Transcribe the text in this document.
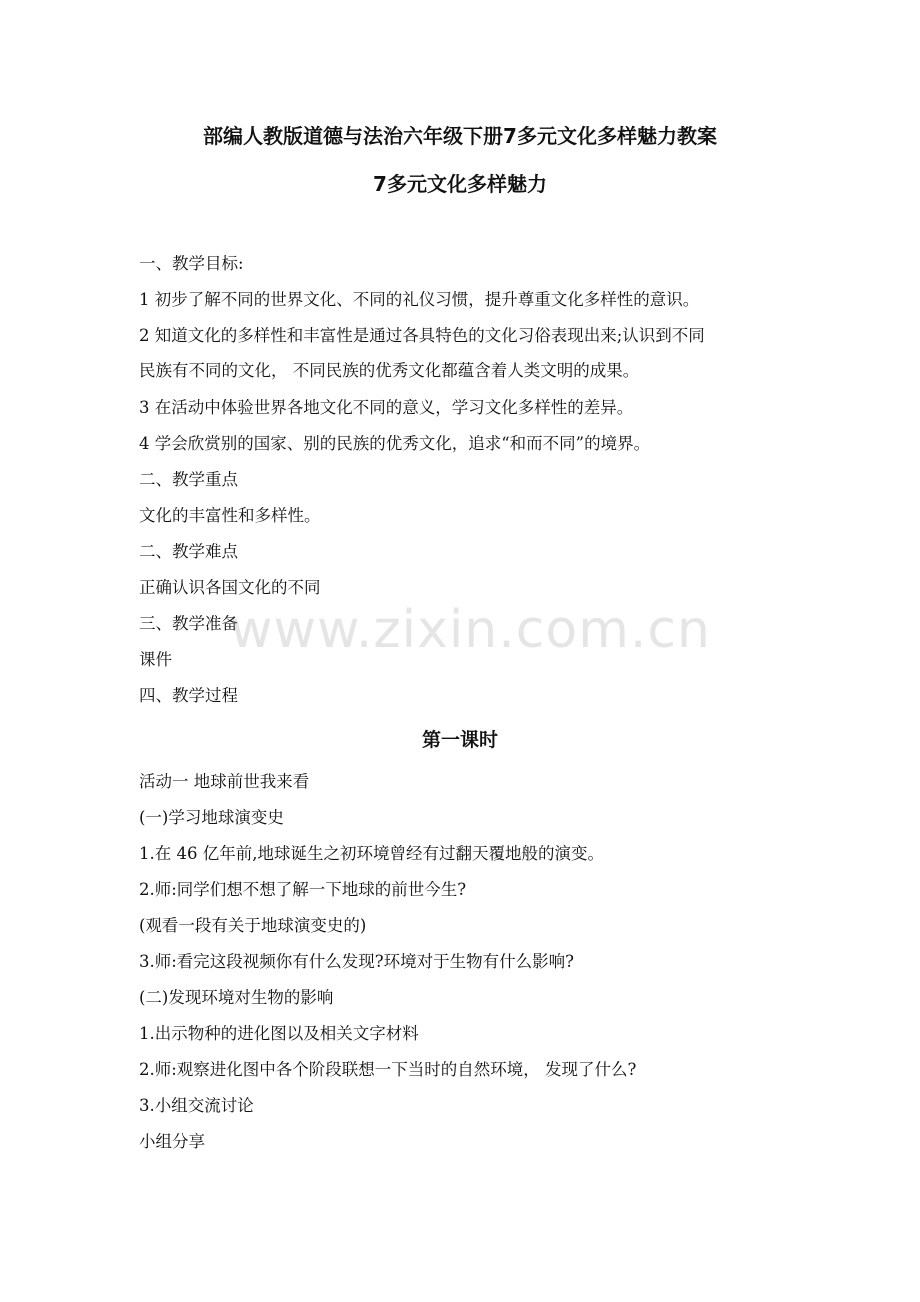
部编人教版道德与法治六年级下册7多元文化多样魅力教案
7多元文化多样魅力
一、教学目标:
1 初步了解不同的世界文化、不同的礼仪习惯，提升尊重文化多样性的意识。
2 知道文化的多样性和丰富性是通过各具特色的文化习俗表现出来;认识到不同
民族有不同的文化， 不同民族的优秀文化都蕴含着人类文明的成果。
3 在活动中体验世界各地文化不同的意义，学习文化多样性的差异。
4 学会欣赏别的国家、别的民族的优秀文化，追求“和而不同”的境界。
二、教学重点
文化的丰富性和多样性。
二、教学难点
正确认识各国文化的不同
三、教学准备
课件
四、教学过程
第一课时
活动一 地球前世我来看
(一)学习地球演变史
1.在 46 亿年前,地球诞生之初环境曾经有过翻天覆地般的演变。
2.师:同学们想不想了解一下地球的前世今生?
(观看一段有关于地球演变史的)
3.师:看完这段视频你有什么发现?环境对于生物有什么影响?
(二)发现环境对生物的影响
1.出示物种的进化图以及相关文字材料
2.师:观察进化图中各个阶段联想一下当时的自然环境， 发现了什么?
3.小组交流讨论
小组分享
www.zixin.com.cn
